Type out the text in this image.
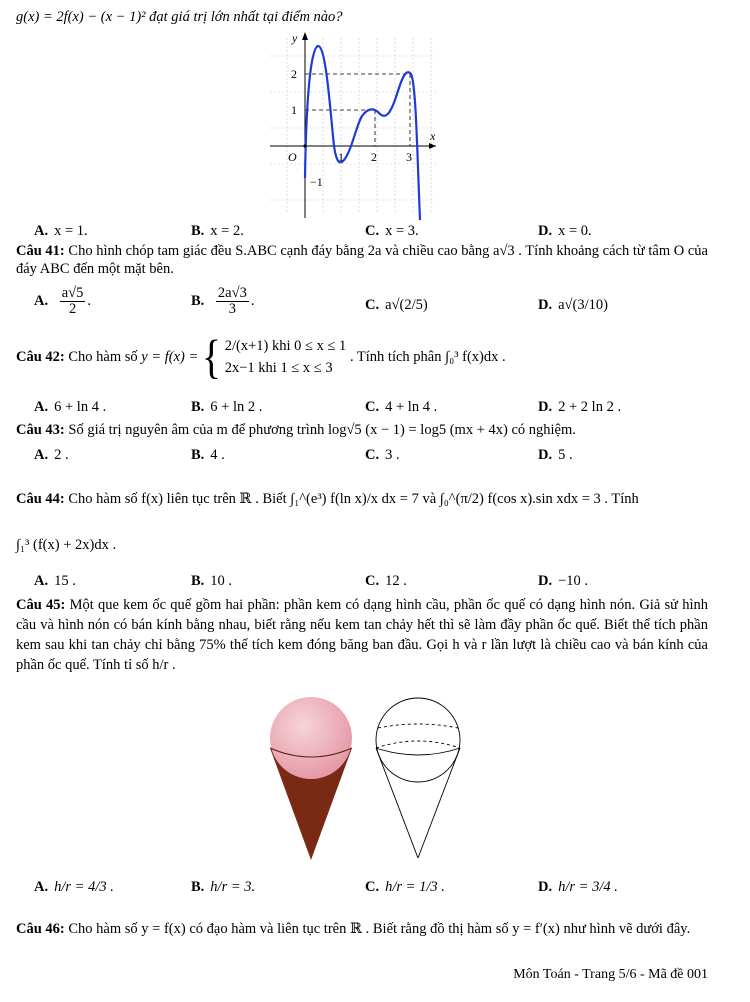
g(x) = 2f(x) − (x − 1)² đạt giá trị lớn nhất tại điểm nào?
y
x
O	1 2 3
2
1
−1
A. x = 1.	B. x = 2.	C. x = 3.	D. x = 0.
Câu 41: Cho hình chóp tam giác đều S.ABC cạnh đáy bằng 2a và chiều cao bằng a√3 . Tính khoảng cách từ tâm O của đáy ABC đến một mặt bên.
A. $\frac{a√5}{2}$ .	B. $\frac{2a√3}{3}$ .	C. a√(2/5)	D. a√(3/10)
Câu 42: Cho hàm số y = f(x) = { 2/(x+1) khi 0 ≤ x ≤ 1
2x−1 khi 1 ≤ x ≤ 3
. Tính tích phân ∫₀³ f(x)dx .
A. 6 + ln 4 .	B. 6 + ln 2 .	C. 4 + ln 4 .	D. 2 + 2 ln 2 .
Câu 43: Số giá trị nguyên âm của m để phương trình log√5 (x − 1) = log5 (mx + 4x) có nghiệm.
A. 2 .	B. 4 .	C. 3 .	D. 5 .
Câu 44: Cho hàm số f(x) liên tục trên ℝ . Biết ∫₁^(e³) f(ln x)/x dx = 7 và ∫₀^(π/2) f(cos x).sin xdx = 3 . Tính
∫₁³ (f(x) + 2x)dx .
A. 15 .	B. 10 .	C. 12 .	D. −10 .
Câu 45: Một que kem ốc quế gồm hai phần: phần kem có dạng hình cầu, phần ốc quế có dạng hình nón. Giả sử hình cầu và hình nón có bán kính bằng nhau, biết rằng nếu kem tan chảy hết thì sẽ làm đầy phần ốc quế. Biết thể tích phần kem sau khi tan chảy chỉ bằng 75% thể tích kem đóng băng ban đầu. Gọi h và r lần lượt là chiều cao và bán kính của phần ốc quế. Tính tỉ số h/r .
A. h/r = 4/3 .	B. h/r = 3.	C. h/r = 1/3 .	D. h/r = 3/4 .
Câu 46: Cho hàm số y = f(x) có đạo hàm và liên tục trên ℝ . Biết rằng đồ thị hàm số y = f′(x) như hình vẽ dưới đây.
Môn Toán - Trang 5/6 - Mã đề 001
